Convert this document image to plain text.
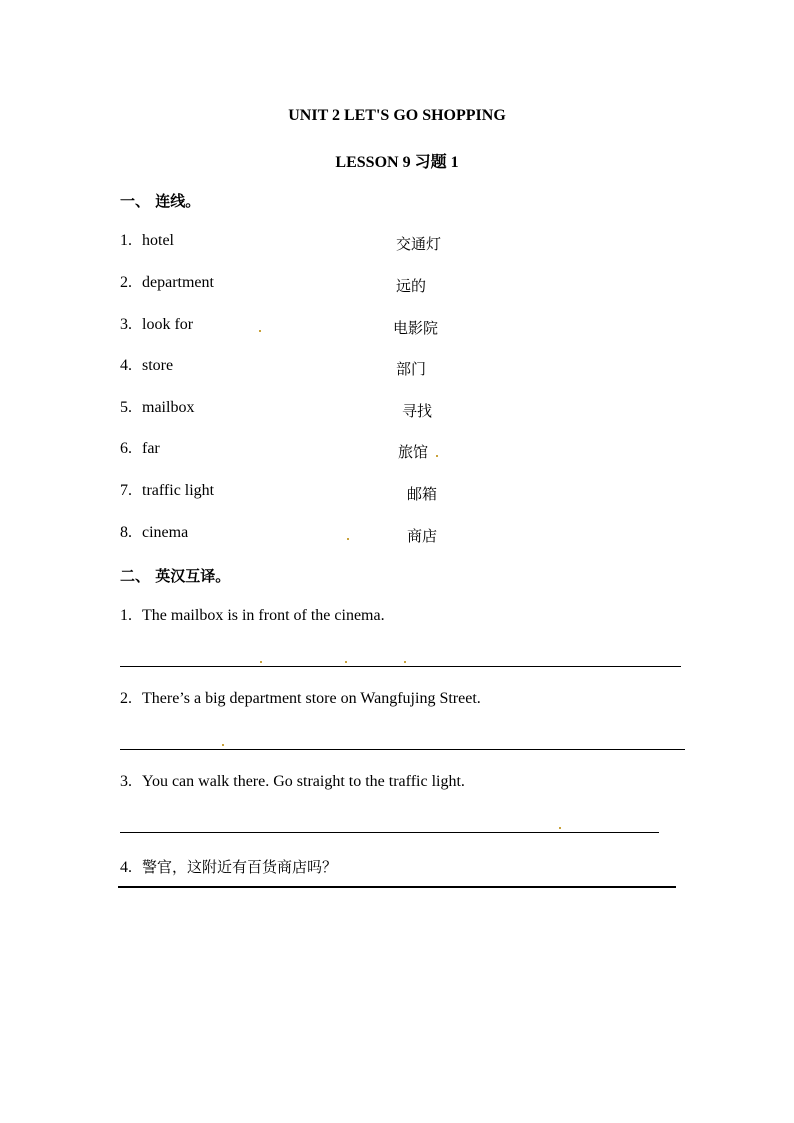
UNIT 2 LET'S GO SHOPPING
LESSON 9 习题 1
一、 连线。
1. hotel
2. department
3. look for
4. store
5. mailbox
6. far
7. traffic light
8. cinema
交通灯
远的
电影院
部门
寻找
旅馆
邮箱
商店
二、 英汉互译。
1. The mailbox is in front of the cinema.
2. There’s a big department store on Wangfujing Street.
3. You can walk there. Go straight to the traffic light.
4. 警官，这附近有百货商店吗？
